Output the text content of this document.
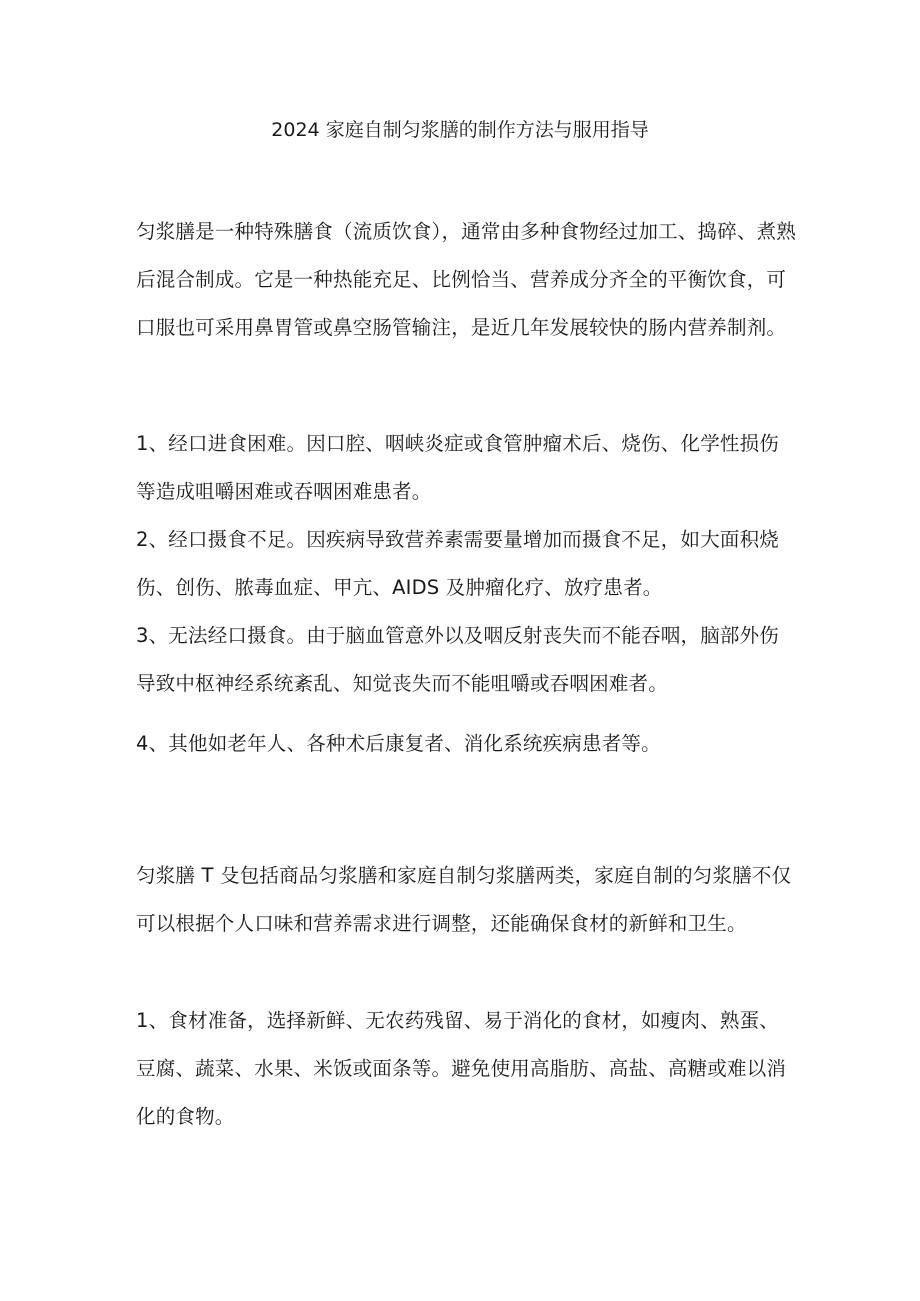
2024 家庭自制匀浆膳的制作方法与服用指导

匀浆膳是一种特殊膳食（流质饮食），通常由多种食物经过加工、捣碎、煮熟后混合制成。它是一种热能充足、比例恰当、营养成分齐全的平衡饮食，可口服也可采用鼻胃管或鼻空肠管输注，是近几年发展较快的肠内营养制剂。

1、经口进食困难。因口腔、咽峡炎症或食管肿瘤术后、烧伤、化学性损伤等造成咀嚼困难或吞咽困难患者。

2、经口摄食不足。因疾病导致营养素需要量增加而摄食不足，如大面积烧伤、创伤、脓毒血症、甲亢、AIDS 及肿瘤化疗、放疗患者。

3、无法经口摄食。由于脑血管意外以及咽反射丧失而不能吞咽，脑部外伤导致中枢神经系统紊乱、知觉丧失而不能咀嚼或吞咽困难者。

4、其他如老年人、各种术后康复者、消化系统疾病患者等。

匀浆膳 T 殳包括商品匀浆膳和家庭自制匀浆膳两类，家庭自制的匀浆膳不仅可以根据个人口味和营养需求进行调整，还能确保食材的新鲜和卫生。

1、食材准备，选择新鲜、无农药残留、易于消化的食材，如瘦肉、熟蛋、豆腐、蔬菜、水果、米饭或面条等。避免使用高脂肪、高盐、高糖或难以消化的食物。
